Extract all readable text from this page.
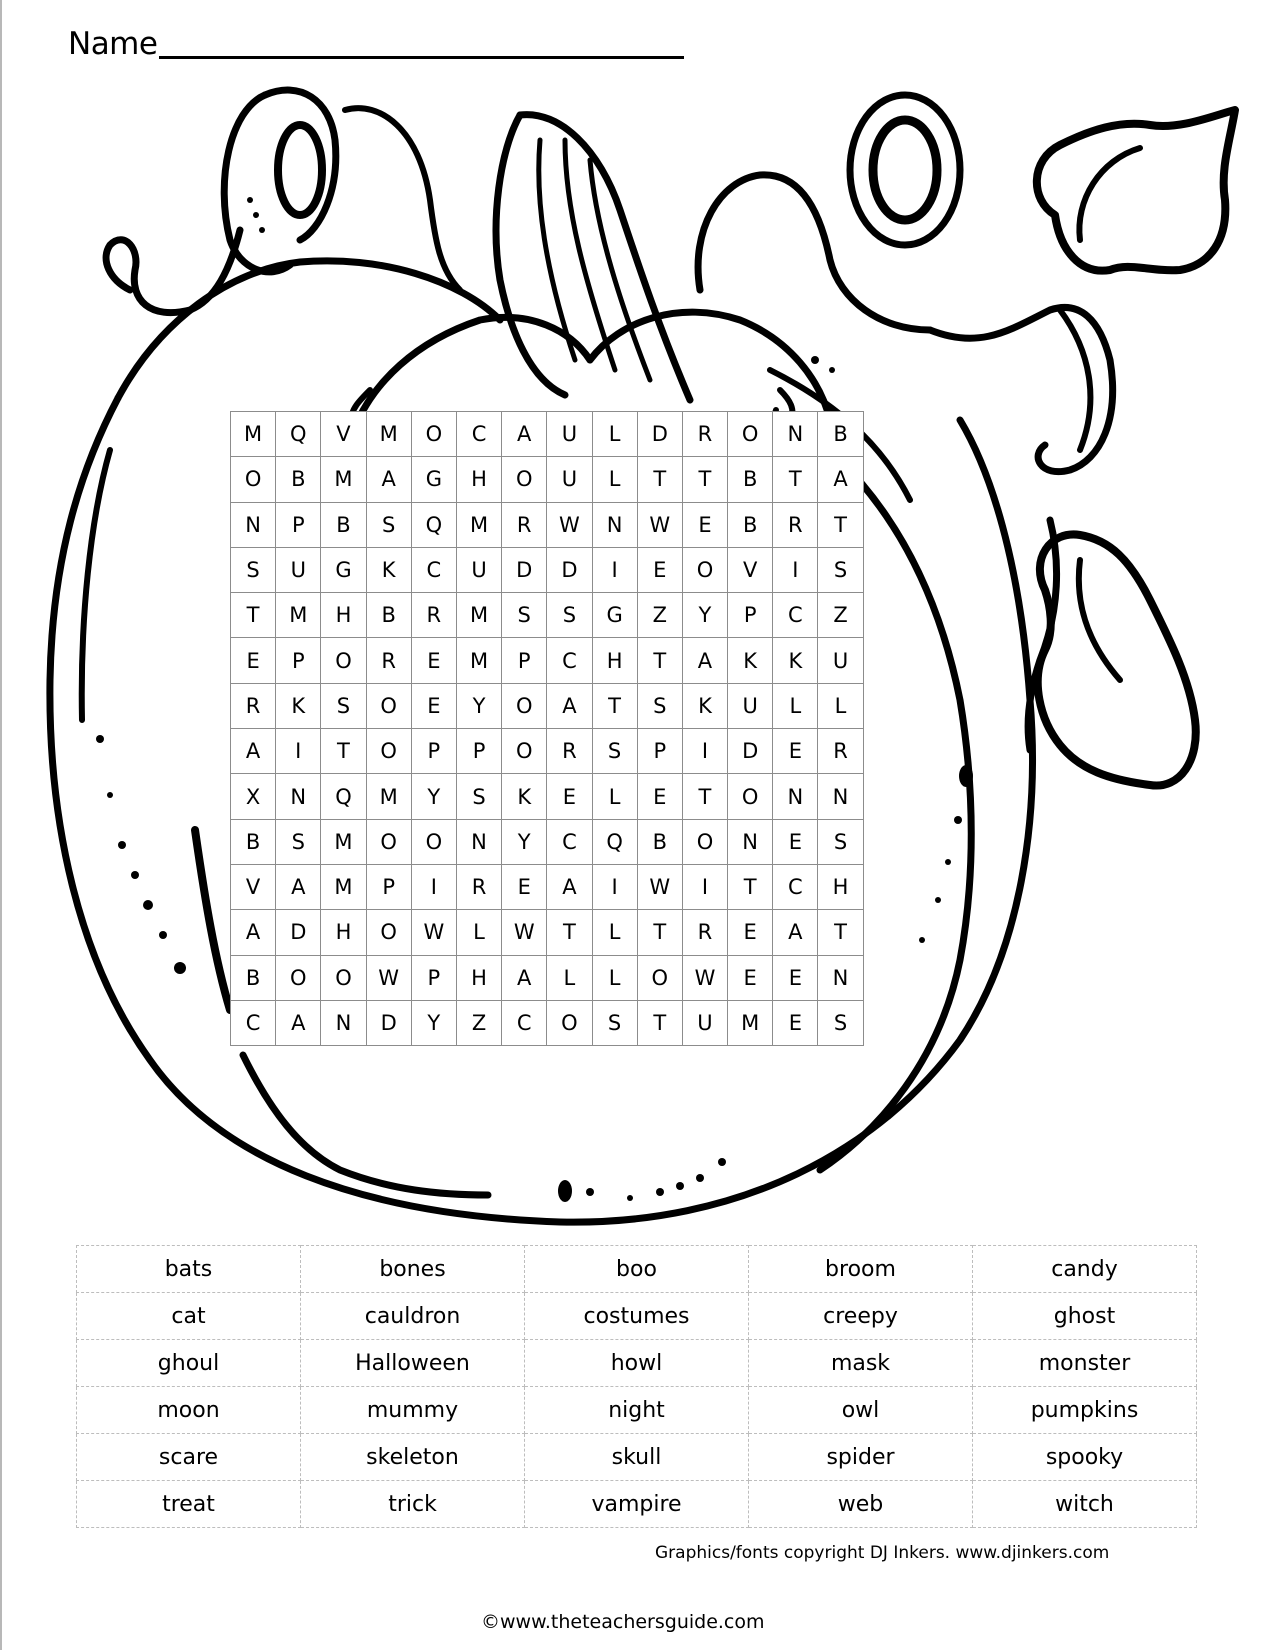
Name
M	Q	V	M	O	C	A	U	L	D	R	O	N	B
O	B	M	A	G	H	O	U	L	T	T	B	T	A
N	P	B	S	Q	M	R	W	N	W	E	B	R	T
S	U	G	K	C	U	D	D	I	E	O	V	I	S
T	M	H	B	R	M	S	S	G	Z	Y	P	C	Z
E	P	O	R	E	M	P	C	H	T	A	K	K	U
R	K	S	O	E	Y	O	A	T	S	K	U	L	L
A	I	T	O	P	P	O	R	S	P	I	D	E	R
X	N	Q	M	Y	S	K	E	L	E	T	O	N	N
B	S	M	O	O	N	Y	C	Q	B	O	N	E	S
V	A	M	P	I	R	E	A	I	W	I	T	C	H
A	D	H	O	W	L	W	T	L	T	R	E	A	T
B	O	O	W	P	H	A	L	L	O	W	E	E	N
C	A	N	D	Y	Z	C	O	S	T	U	M	E	S
bats	bones	boo	broom	candy
cat	cauldron	costumes	creepy	ghost
ghoul	Halloween	howl	mask	monster
moon	mummy	night	owl	pumpkins
scare	skeleton	skull	spider	spooky
treat	trick	vampire	web	witch
Graphics/fonts copyright DJ Inkers. www.djinkers.com
©www.theteachersguide.com
